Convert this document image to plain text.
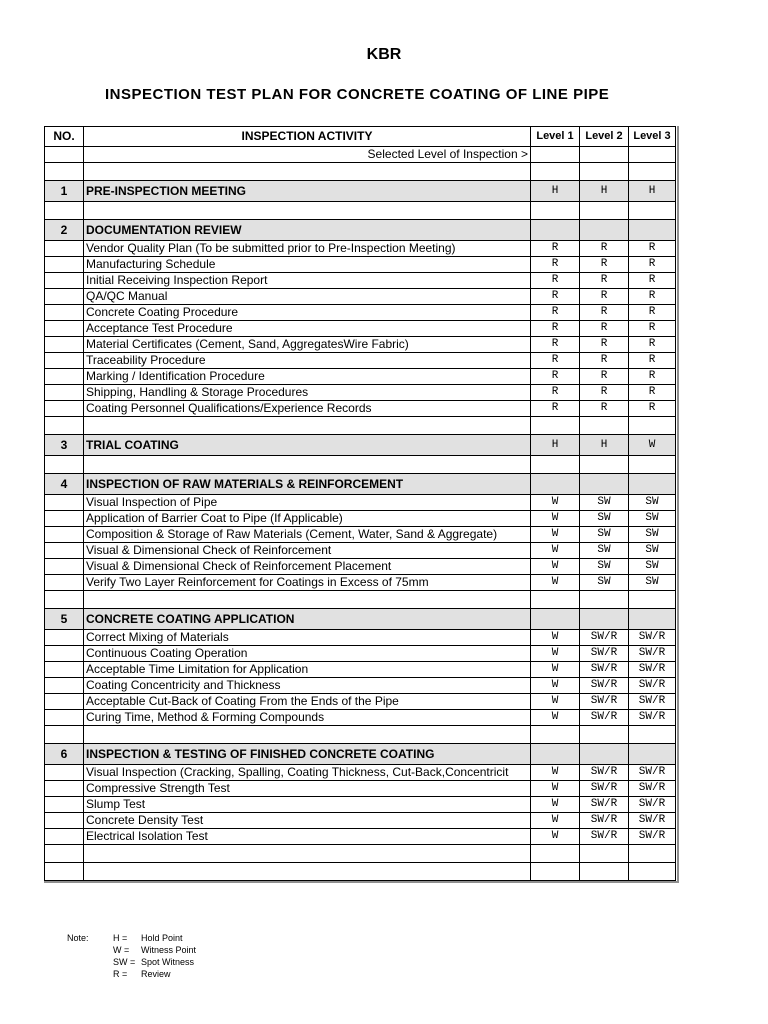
KBR
INSPECTION TEST PLAN FOR CONCRETE COATING OF LINE PIPE
NO.	INSPECTION ACTIVITY	Level 1	Level 2	Level 3
	Selected Level of Inspection >			

1	PRE-INSPECTION MEETING	H	H	H

2	DOCUMENTATION REVIEW			
	Vendor Quality Plan (To be submitted prior to Pre-Inspection Meeting)	R	R	R
	Manufacturing Schedule	R	R	R
	Initial Receiving Inspection Report	R	R	R
	QA/QC Manual	R	R	R
	Concrete Coating Procedure	R	R	R
	Acceptance Test Procedure	R	R	R
	Material Certificates (Cement, Sand, AggregatesWire Fabric)	R	R	R
	Traceability Procedure	R	R	R
	Marking / Identification Procedure	R	R	R
	Shipping, Handling & Storage Procedures	R	R	R
	Coating Personnel Qualifications/Experience Records	R	R	R

3	TRIAL COATING	H	H	W

4	INSPECTION OF RAW MATERIALS & REINFORCEMENT			
	Visual Inspection of Pipe	W	SW	SW
	Application of Barrier Coat to Pipe (If Applicable)	W	SW	SW
	Composition & Storage of Raw Materials (Cement, Water, Sand & Aggregate)	W	SW	SW
	Visual & Dimensional Check of Reinforcement	W	SW	SW
	Visual & Dimensional Check of Reinforcement Placement	W	SW	SW
	Verify Two Layer Reinforcement for Coatings in Excess of 75mm	W	SW	SW

5	CONCRETE COATING APPLICATION			
	Correct Mixing of Materials	W	SW/R	SW/R
	Continuous Coating Operation	W	SW/R	SW/R
	Acceptable Time Limitation for Application	W	SW/R	SW/R
	Coating Concentricity and Thickness	W	SW/R	SW/R
	Acceptable Cut-Back of Coating From the Ends of the Pipe	W	SW/R	SW/R
	Curing Time, Method & Forming Compounds	W	SW/R	SW/R

6	INSPECTION & TESTING OF FINISHED CONCRETE COATING			
	Visual Inspection (Cracking, Spalling, Coating Thickness, Cut-Back,Concentricit	W	SW/R	SW/R
	Compressive Strength Test	W	SW/R	SW/R
	Slump Test	W	SW/R	SW/R
	Concrete Density Test	W	SW/R	SW/R
	Electrical Isolation Test	W	SW/R	SW/R

Note:	H = Hold Point
W = Witness Point
SW = Spot Witness
R = Review
